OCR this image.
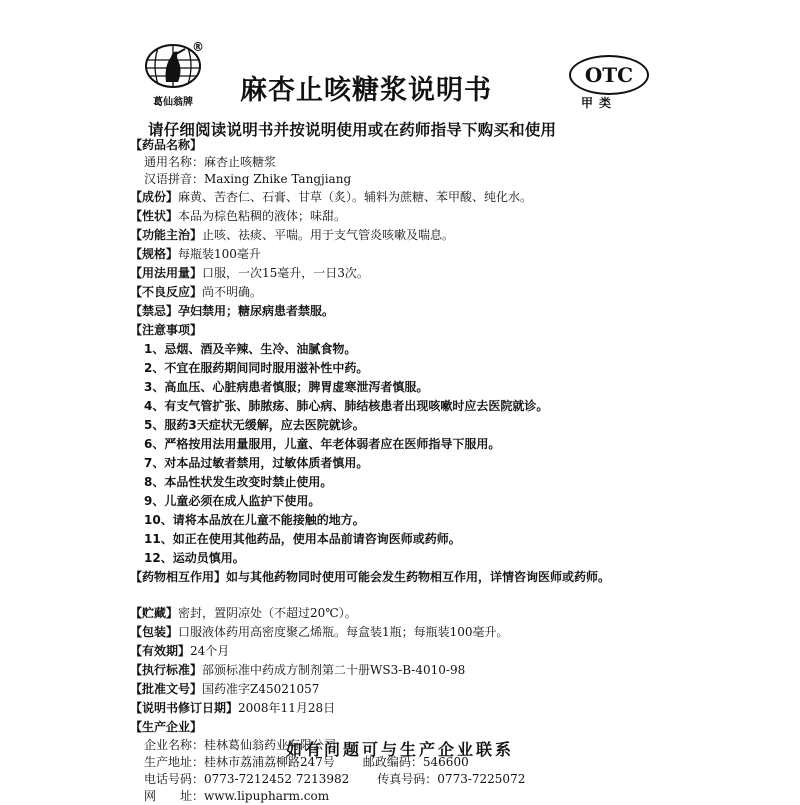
葛仙翁牌
®
麻杏止咳糖浆说明书	OTC
甲类
请仔细阅读说明书并按说明使用或在药师指导下购买和使用
【药品名称】
通用名称：麻杏止咳糖浆
汉语拼音：Maxing Zhike Tangjiang
【成份】麻黄、苦杏仁、石膏、甘草（炙）。辅料为蔗糖、苯甲酸、纯化水。
【性状】本品为棕色粘稠的液体；味甜。
【功能主治】止咳、祛痰、平喘。用于支气管炎咳嗽及喘息。
【规格】每瓶装100毫升
【用法用量】口服，一次15毫升，一日3次。
【不良反应】尚不明确。
【禁忌】孕妇禁用；糖尿病患者禁服。
【注意事项】
1、忌烟、酒及辛辣、生冷、油腻食物。
2、不宜在服药期间同时服用滋补性中药。
3、高血压、心脏病患者慎服；脾胃虚寒泄泻者慎服。
4、有支气管扩张、肺脓疡、肺心病、肺结核患者出现咳嗽时应去医院就诊。
5、服药3天症状无缓解，应去医院就诊。
6、严格按用法用量服用，儿童、年老体弱者应在医师指导下服用。
7、对本品过敏者禁用，过敏体质者慎用。
8、本品性状发生改变时禁止使用。
9、儿童必须在成人监护下使用。
10、请将本品放在儿童不能接触的地方。
11、如正在使用其他药品，使用本品前请咨询医师或药师。
12、运动员慎用。
【药物相互作用】如与其他药物同时使用可能会发生药物相互作用，详情咨询医师或药师。
【贮藏】密封，置阴凉处（不超过20℃）。
【包装】口服液体药用高密度聚乙烯瓶。每盒装1瓶；每瓶装100毫升。
【有效期】24个月
【执行标准】部颁标准中药成方制剂第二十册WS3-B-4010-98
【批准文号】国药准字Z45021057
【说明书修订日期】2008年11月28日
【生产企业】
企业名称：桂林葛仙翁药业有限公司
生产地址：桂林市荔浦荔柳路247号 邮政编码：546600
电话号码：0773-7212452 7213982 传真号码：0773-7225072
网　　址：www.lipupharm.com
如有问题可与生产企业联系
